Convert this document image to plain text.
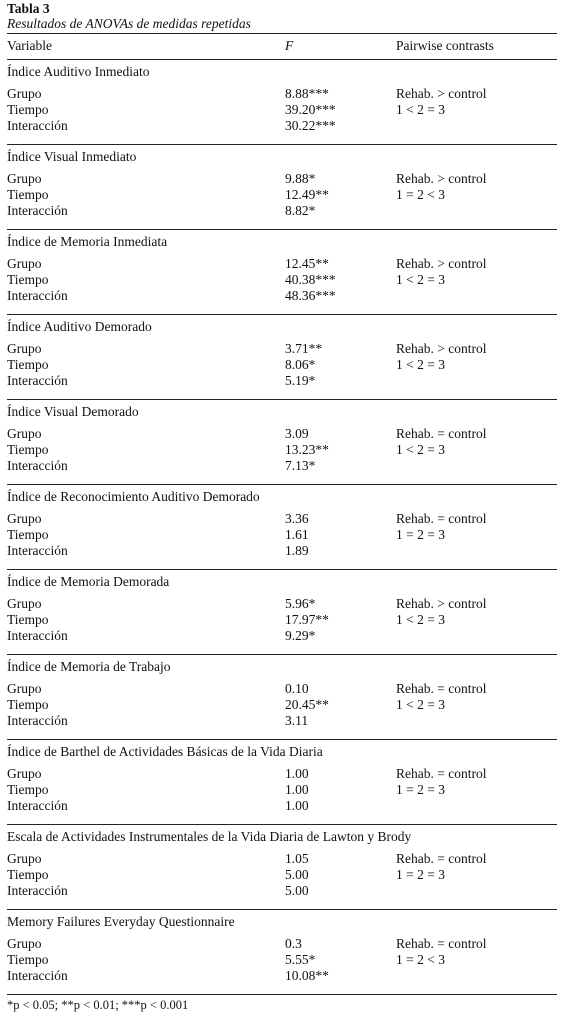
Tabla 3
Resultados de ANOVAs de medidas repetidas
Variable	F	Pairwise contrasts
Índice Auditivo Inmediato
Grupo	8.88***	Rehab. > control
Tiempo	39.20***	1 < 2 = 3
Interacción	30.22***
Índice Visual Inmediato
Grupo	9.88*	Rehab. > control
Tiempo	12.49**	1 = 2 < 3
Interacción	8.82*
Índice de Memoria Inmediata
Grupo	12.45**	Rehab. > control
Tiempo	40.38***	1 < 2 = 3
Interacción	48.36***
Índice Auditivo Demorado
Grupo	3.71**	Rehab. > control
Tiempo	8.06*	1 < 2 = 3
Interacción	5.19*
Índice Visual Demorado
Grupo	3.09	Rehab. = control
Tiempo	13.23**	1 < 2 = 3
Interacción	7.13*
Índice de Reconocimiento Auditivo Demorado
Grupo	3.36	Rehab. = control
Tiempo	1.61	1 = 2 = 3
Interacción	1.89
Índice de Memoria Demorada
Grupo	5.96*	Rehab. > control
Tiempo	17.97**	1 < 2 = 3
Interacción	9.29*
Índice de Memoria de Trabajo
Grupo	0.10	Rehab. = control
Tiempo	20.45**	1 < 2 = 3
Interacción	3.11
Índice de Barthel de Actividades Básicas de la Vida Diaria
Grupo	1.00	Rehab. = control
Tiempo	1.00	1 = 2 = 3
Interacción	1.00
Escala de Actividades Instrumentales de la Vida Diaria de Lawton y Brody
Grupo	1.05	Rehab. = control
Tiempo	5.00	1 = 2 = 3
Interacción	5.00
Memory Failures Everyday Questionnaire
Grupo	0.3	Rehab. = control
Tiempo	5.55*	1 = 2 < 3
Interacción	10.08**
*p < 0.05; **p < 0.01; ***p < 0.001
